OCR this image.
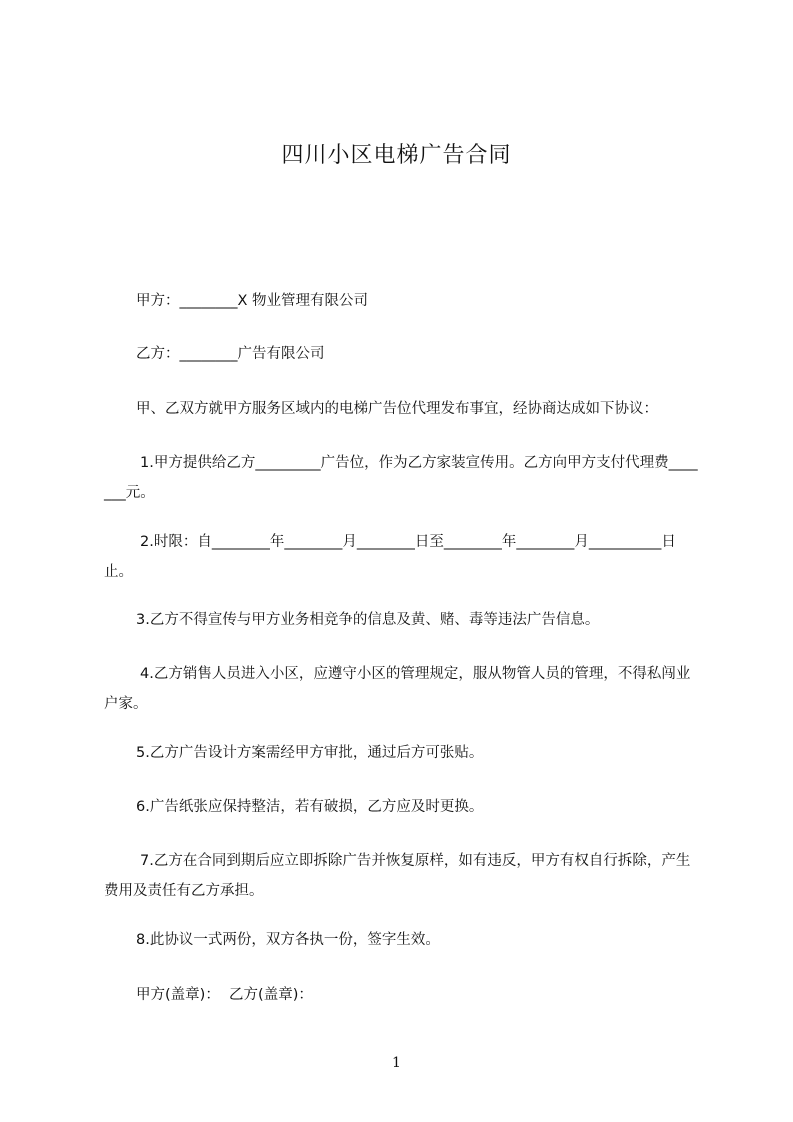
四川小区电梯广告合同
甲方：________X 物业管理有限公司
乙方：________广告有限公司
甲、乙双方就甲方服务区域内的电梯广告位代理发布事宜，经协商达成如下协议：
1.甲方提供给乙方_________广告位，作为乙方家装宣传用。乙方向甲方支付代理费_______元。
2.时限：自________年________月________日至________年________月__________日止。
3.乙方不得宣传与甲方业务相竞争的信息及黄、赌、毒等违法广告信息。
4.乙方销售人员进入小区，应遵守小区的管理规定，服从物管人员的管理，不得私闯业户家。
5.乙方广告设计方案需经甲方审批，通过后方可张贴。
6.广告纸张应保持整洁，若有破损，乙方应及时更换。
7.乙方在合同到期后应立即拆除广告并恢复原样，如有违反，甲方有权自行拆除，产生费用及责任有乙方承担。
8.此协议一式两份，双方各执一份，签字生效。
甲方(盖章)：  乙方(盖章)：
1
